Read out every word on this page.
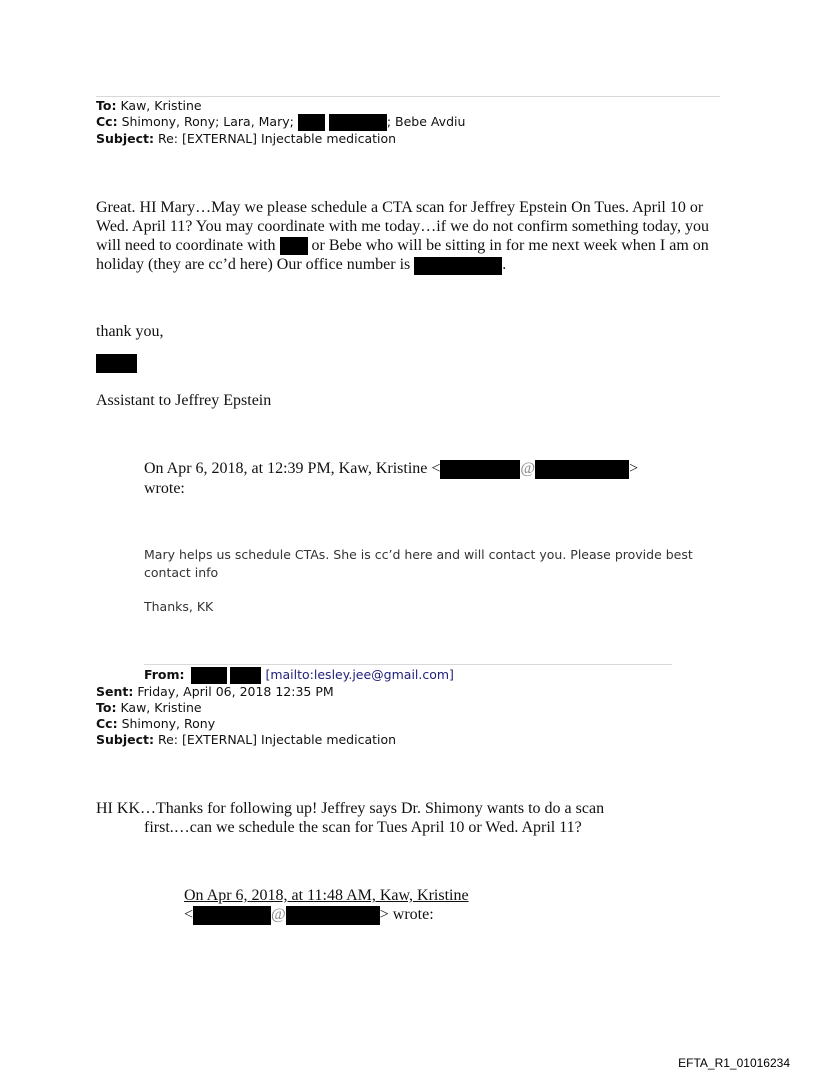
To: Kaw, Kristine
Cc: Shimony, Rony; Lara, Mary;	; Bebe Avdiu
Subject: Re: [EXTERNAL] Injectable medication
Great. HI Mary…May we please schedule a CTA scan for Jeffrey Epstein On Tues. April 10 or
Wed. April 11? You may coordinate with me today…if we do not confirm something today, you
will need to coordinate with or Bebe who will be sitting in for me next week when I am on
holiday (they are cc’d here) Our office number is	.
thank you,
Assistant to Jeffrey Epstein
On Apr 6, 2018, at 12:39 PM, Kaw, Kristine <	@	>
wrote:
Mary helps us schedule CTAs. She is cc’d here and will contact you. Please provide best
contact info
Thanks, KK
From:	[mailto:lesley.jee@gmail.com]
Sent: Friday, April 06, 2018 12:35 PM
To: Kaw, Kristine
Cc: Shimony, Rony
Subject: Re: [EXTERNAL] Injectable medication
HI KK…Thanks for following up! Jeffrey says Dr. Shimony wants to do a scan
first.…can we schedule the scan for Tues April 10 or Wed. April 11?
On Apr 6, 2018, at 11:48 AM, Kaw, Kristine
<	@	> wrote:
EFTA_R1_01016234
